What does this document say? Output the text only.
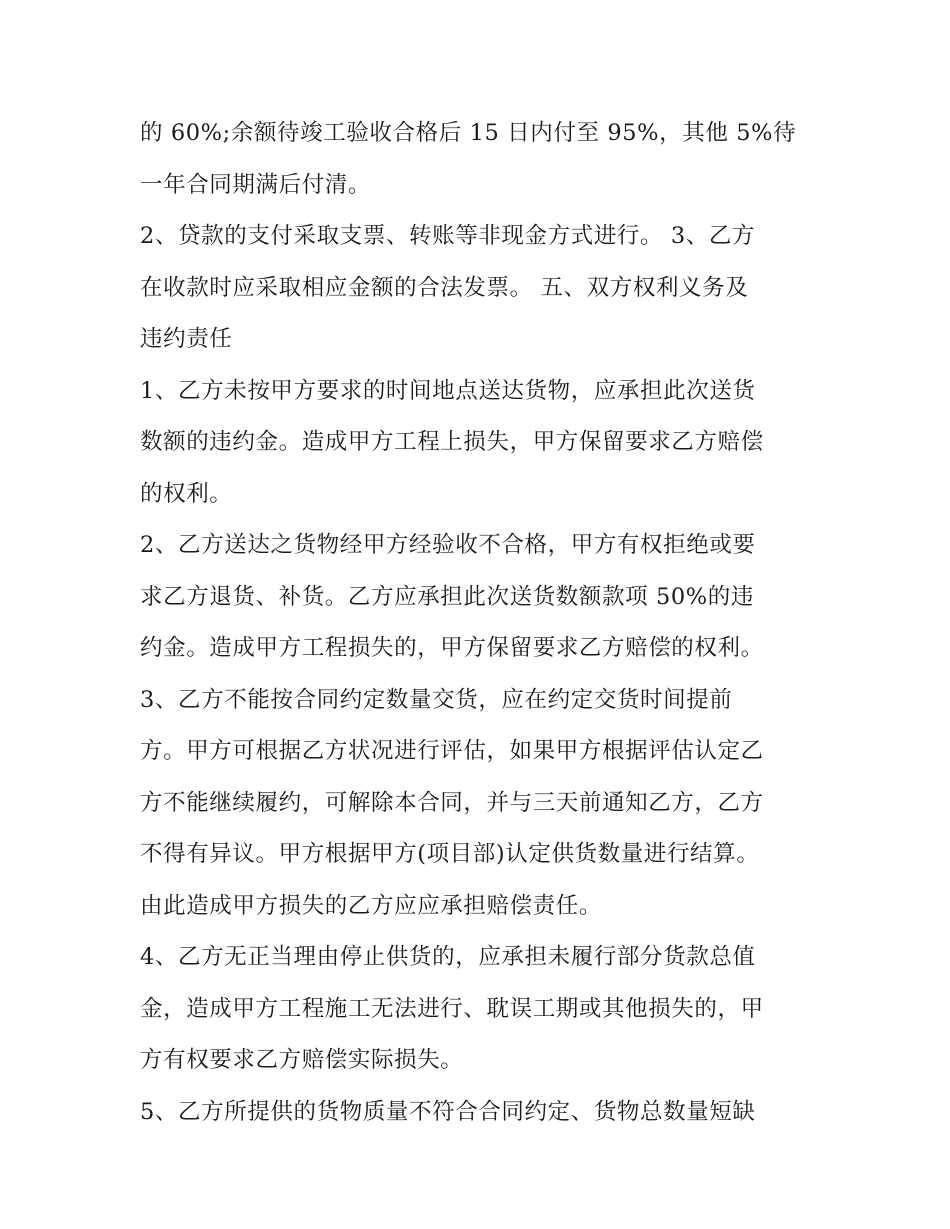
的 60%;余额待竣工验收合格后 15 日内付至 95%，其他 5%待
一年合同期满后付清。
2、贷款的支付采取支票、转账等非现金方式进行。 3、乙方
在收款时应采取相应金额的合法发票。 五、双方权利义务及
违约责任
1、乙方未按甲方要求的时间地点送达货物，应承担此次送货
数额的违约金。造成甲方工程上损失，甲方保留要求乙方赔偿
的权利。
2、乙方送达之货物经甲方经验收不合格，甲方有权拒绝或要
求乙方退货、补货。乙方应承担此次送货数额款项 50%的违
约金。造成甲方工程损失的，甲方保留要求乙方赔偿的权利。
3、乙方不能按合同约定数量交货，应在约定交货时间提前
方。甲方可根据乙方状况进行评估，如果甲方根据评估认定乙
方不能继续履约，可解除本合同，并与三天前通知乙方，乙方
不得有异议。甲方根据甲方(项目部)认定供货数量进行结算。
由此造成甲方损失的乙方应应承担赔偿责任。
4、乙方无正当理由停止供货的，应承担未履行部分货款总值
金，造成甲方工程施工无法进行、耽误工期或其他损失的，甲
方有权要求乙方赔偿实际损失。
5、乙方所提供的货物质量不符合合同约定、货物总数量短缺
